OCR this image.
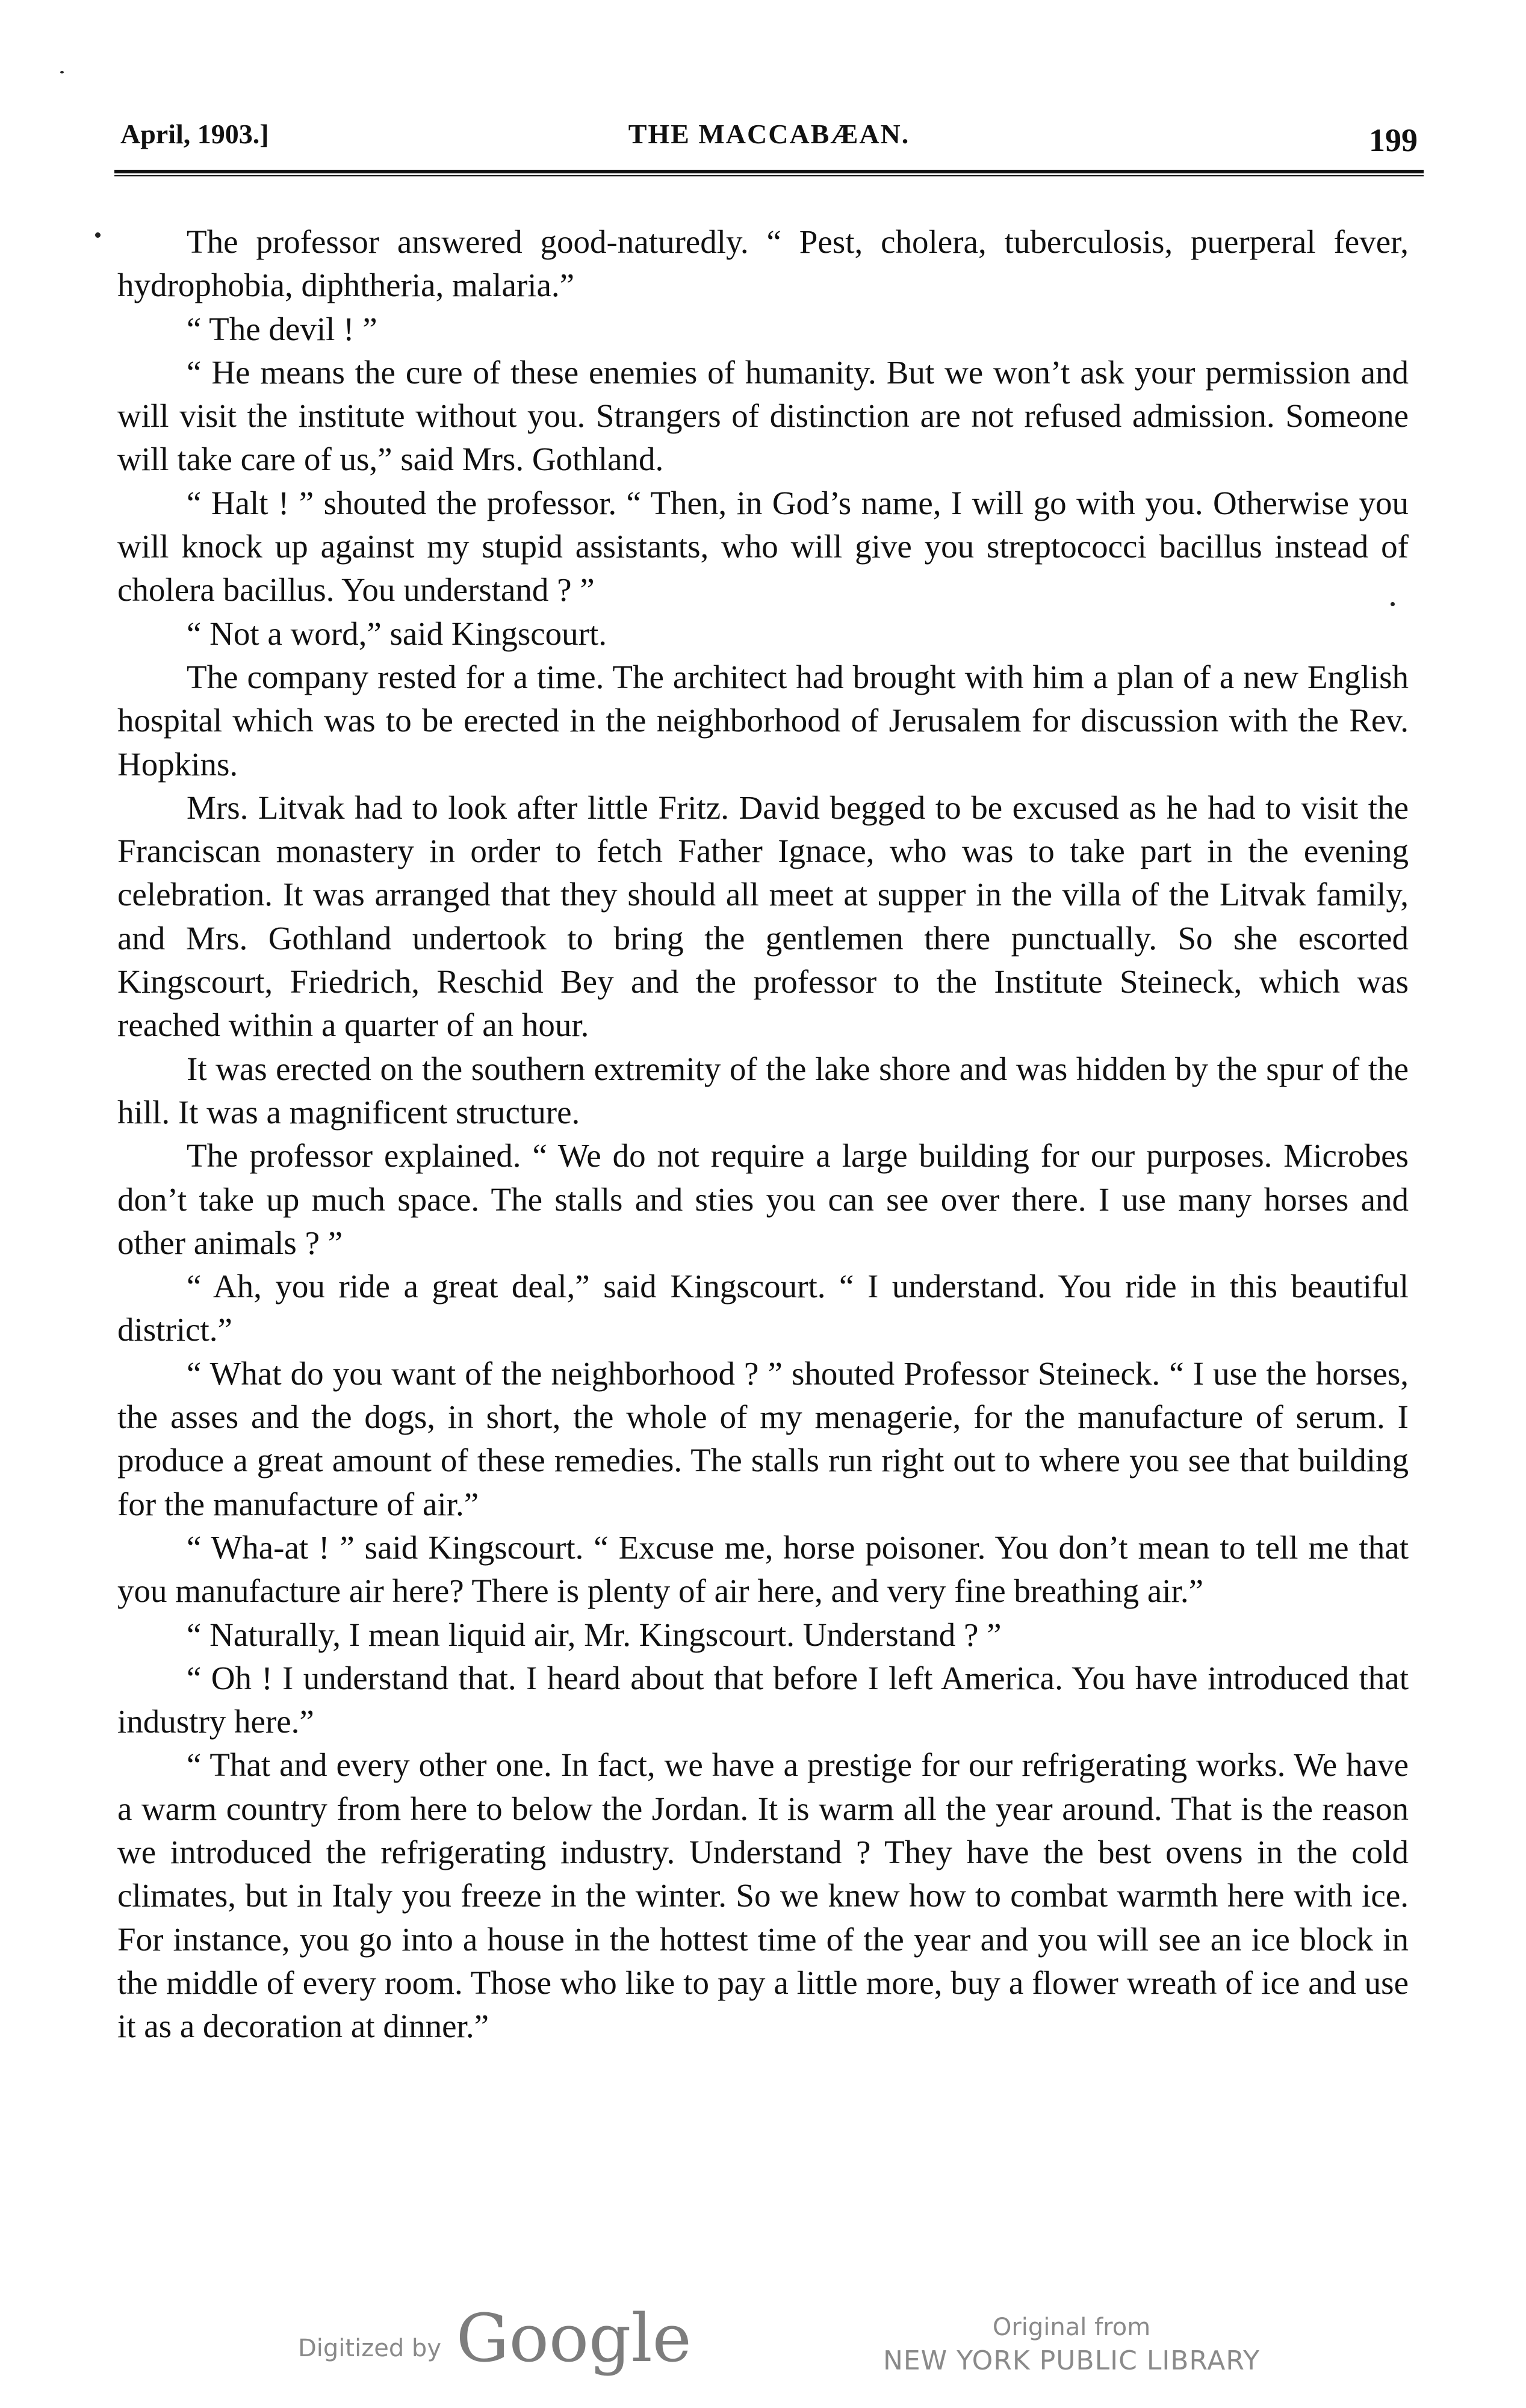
April, 1903.]	THE MACCABÆAN.	199

The professor answered good-naturedly. “ Pest, cholera, tuberculosis, puerperal fever, hydrophobia, diphtheria, malaria.”

“ The devil ! ”

“ He means the cure of these enemies of humanity. But we won’t ask your permission and will visit the institute without you. Strangers of distinction are not refused admission. Someone will take care of us,” said Mrs. Gothland.

“ Halt ! ” shouted the professor. “ Then, in God’s name, I will go with you. Otherwise you will knock up against my stupid assistants, who will give you streptococci bacillus instead of cholera bacillus. You understand ? ”

“ Not a word,” said Kingscourt.

The company rested for a time. The architect had brought with him a plan of a new English hospital which was to be erected in the neighborhood of Jerusalem for discussion with the Rev. Hopkins.

Mrs. Litvak had to look after little Fritz. David begged to be excused as he had to visit the Franciscan monastery in order to fetch Father Ignace, who was to take part in the evening celebration. It was arranged that they should all meet at supper in the villa of the Litvak family, and Mrs. Gothland undertook to bring the gentlemen there punctually. So she escorted Kingscourt, Friedrich, Reschid Bey and the professor to the Institute Steineck, which was reached within a quarter of an hour.

It was erected on the southern extremity of the lake shore and was hidden by the spur of the hill. It was a magnificent structure.

The professor explained. “ We do not require a large building for our purposes. Microbes don’t take up much space. The stalls and sties you can see over there. I use many horses and other animals ? ”

“ Ah, you ride a great deal,” said Kingscourt. “ I understand. You ride in this beautiful district.”

“ What do you want of the neighborhood ? ” shouted Professor Steineck. “ I use the horses, the asses and the dogs, in short, the whole of my menagerie, for the manufacture of serum. I produce a great amount of these remedies. The stalls run right out to where you see that building for the manufacture of air.”

“ Wha-at ! ” said Kingscourt. “ Excuse me, horse poisoner. You don’t mean to tell me that you manufacture air here? There is plenty of air here, and very fine breathing air.”

“ Naturally, I mean liquid air, Mr. Kingscourt. Understand ? ”

“ Oh ! I understand that. I heard about that before I left America. You have introduced that industry here.”

“ That and every other one. In fact, we have a prestige for our refrigerating works. We have a warm country from here to below the Jordan. It is warm all the year around. That is the reason we introduced the refrigerating industry. Understand ? They have the best ovens in the cold climates, but in Italy you freeze in the winter. So we knew how to combat warmth here with ice. For instance, you go into a house in the hottest time of the year and you will see an ice block in the middle of every room. Those who like to pay a little more, buy a flower wreath of ice and use it as a decoration at dinner.”

Digitized by Google	Original from
NEW YORK PUBLIC LIBRARY
